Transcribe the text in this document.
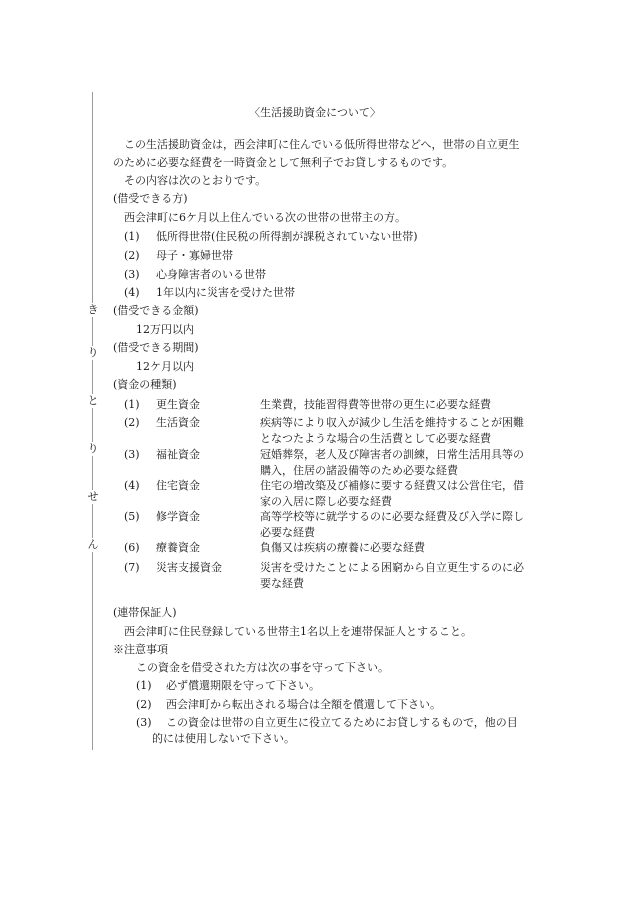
き
り
と
り
せ
ん
〈生活援助資金について〉
この生活援助資金は，西会津町に住んでいる低所得世帯などへ，世帯の自立更生
のために必要な経費を一時資金として無利子でお貸しするものです。
その内容は次のとおりです。
(借受できる方)
西会津町に6ケ月以上住んでいる次の世帯の世帯主の方。
(1) 低所得世帯(住民税の所得割が課税されていない世帯)
(2) 母子・寡婦世帯
(3) 心身障害者のいる世帯
(4) 1年以内に災害を受けた世帯
(借受できる金額)
12万円以内
(借受できる期間)
12ケ月以内
(資金の種類)
(1) 更生資金	生業費，技能習得費等世帯の更生に必要な経費
(2) 生活資金	疾病等により収入が減少し生活を維持することが困難
となつたような場合の生活費として必要な経費
(3) 福祉資金	冠婚葬祭，老人及び障害者の訓練，日常生活用具等の
購入，住居の諸設備等のため必要な経費
(4) 住宅資金	住宅の増改築及び補修に要する経費又は公営住宅，借
家の入居に際し必要な経費
(5) 修学資金	高等学校等に就学するのに必要な経費及び入学に際し
必要な経費
(6) 療養資金	負傷又は疾病の療養に必要な経費
(7) 災害支援資金	災害を受けたことによる困窮から自立更生するのに必
要な経費
(連帯保証人)
西会津町に住民登録している世帯主1名以上を連帯保証人とすること。
※注意事項
この資金を借受された方は次の事を守って下さい。
(1) 必ず償還期限を守って下さい。
(2) 西会津町から転出される場合は全額を償還して下さい。
(3) この資金は世帯の自立更生に役立てるためにお貸しするもので，他の目
的には使用しないで下さい。
